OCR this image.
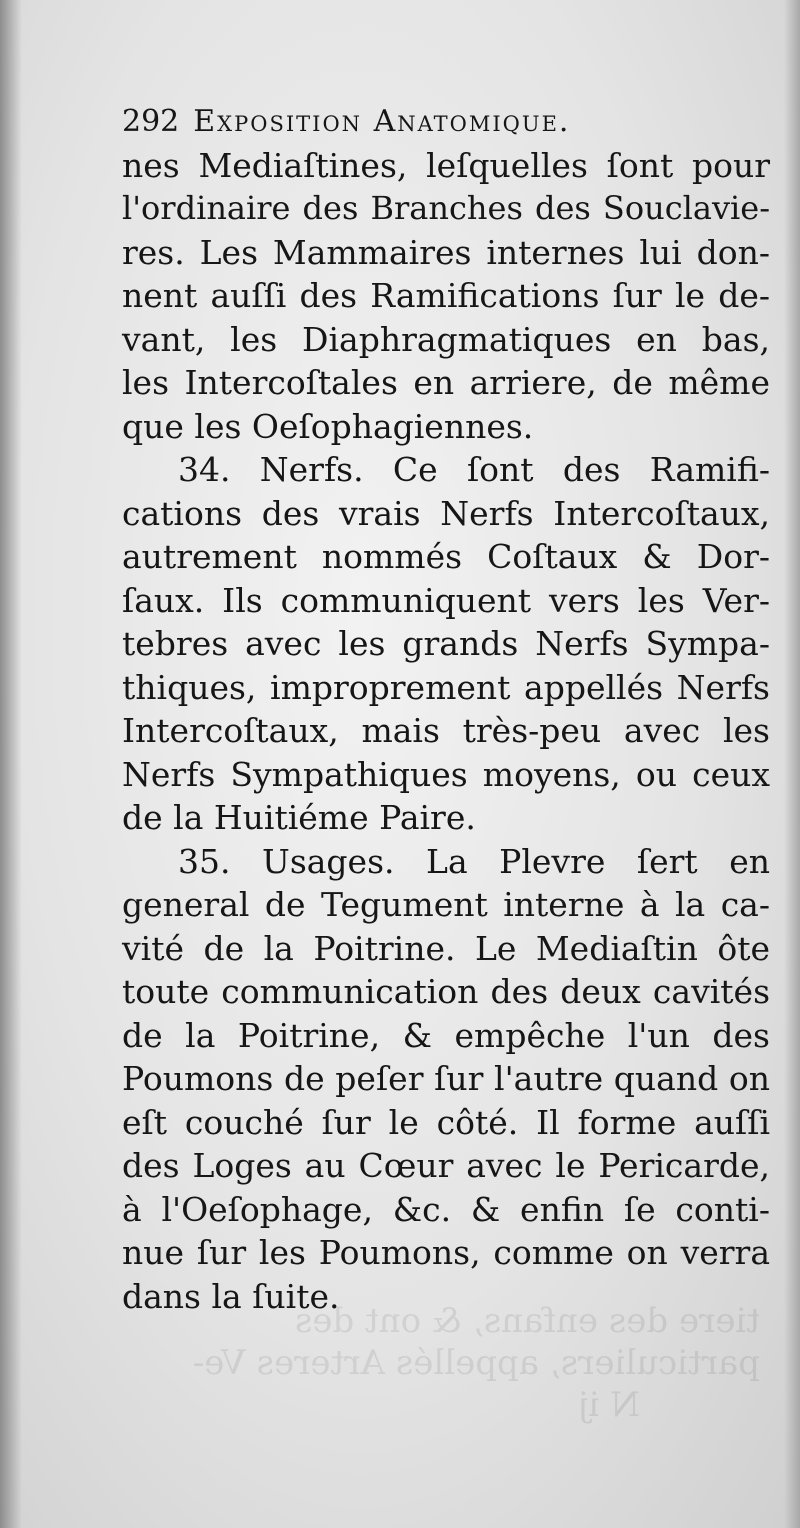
tiere des enfans, & ont des
particuliers, appellés Arteres Ve-
N ij
292 Exposition Anatomique.
nes Mediaſtines, leſquelles ſont pour
l'ordinaire des Branches des Souclavie-
res. Les Mammaires internes lui don-
nent auſſi des Ramifications ſur le de-
vant, les Diaphragmatiques en bas,
les Intercoſtales en arriere, de même
que les Oeſophagiennes.
34. Nerfs. Ce ſont des Ramifi-
cations des vrais Nerfs Intercoſtaux,
autrement nommés Coſtaux & Dor-
ſaux. Ils communiquent vers les Ver-
tebres avec les grands Nerfs Sympa-
thiques, improprement appellés Nerfs
Intercoſtaux, mais très-peu avec les
Nerfs Sympathiques moyens, ou ceux
de la Huitiéme Paire.
35. Usages. La Plevre ſert en
general de Tegument interne à la ca-
vité de la Poitrine. Le Mediaſtin ôte
toute communication des deux cavités
de la Poitrine, & empêche l'un des
Poumons de peſer ſur l'autre quand on
eſt couché ſur le côté. Il forme auſſi
des Loges au Cœur avec le Pericarde,
à l'Oeſophage, &c. & enfin ſe conti-
nue ſur les Poumons, comme on verra
dans la ſuite.
